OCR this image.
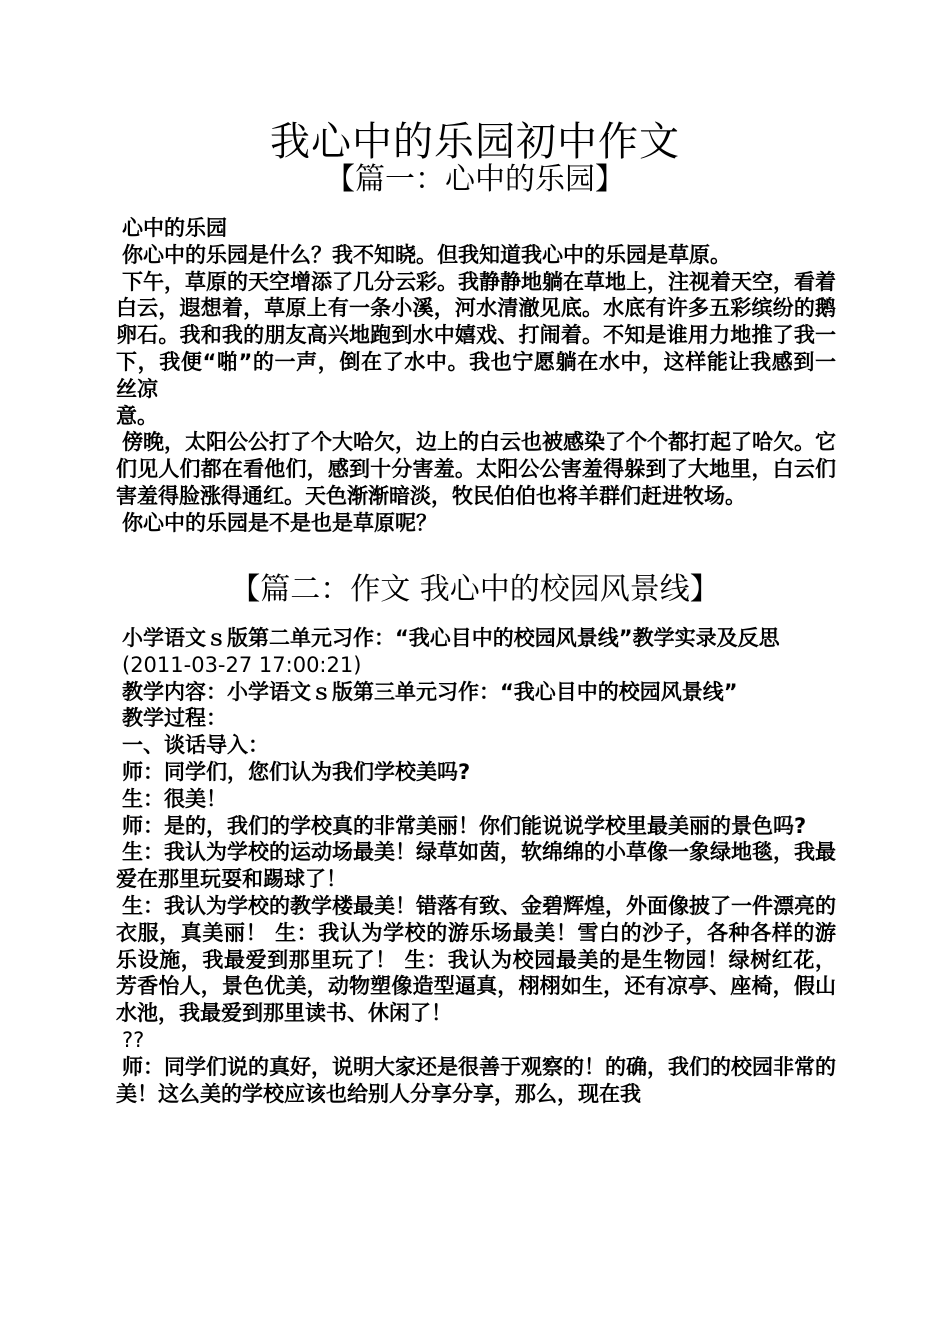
我心中的乐园初中作文
【篇一：心中的乐园】

心中的乐园

你心中的乐园是什么？我不知晓。但我知道我心中的乐园是草原。

下午，草原的天空增添了几分云彩。我静静地躺在草地上，注视着天空，看着白云，遐想着，草原上有一条小溪，河水清澈见底。水底有许多五彩缤纷的鹅卵石。我和我的朋友高兴地跑到水中嬉戏、打闹着。不知是谁用力地推了我一下，我便“啪”的一声，倒在了水中。我也宁愿躺在水中，这样能让我感到一丝凉

意。

傍晚，太阳公公打了个大哈欠，边上的白云也被感染了个个都打起了哈欠。它们见人们都在看他们，感到十分害羞。太阳公公害羞得躲到了大地里，白云们害羞得脸涨得通红。天色渐渐暗淡，牧民伯伯也将羊群们赶进牧场。

你心中的乐园是不是也是草原呢？

【篇二：作文 我心中的校园风景线】

小学语文ｓ版第二单元习作：“我心目中的校园风景线”教学实录及反思

(2011-03-27 17:00:21)

教学内容：小学语文ｓ版第三单元习作：“我心目中的校园风景线”

教学过程：

一、谈话导入：

师：同学们，您们认为我们学校美吗?

生：很美！

师：是的，我们的学校真的非常美丽！你们能说说学校里最美丽的景色吗?

生：我认为学校的运动场最美！绿草如茵，软绵绵的小草像一象绿地毯，我最爱在那里玩耍和踢球了！

生：我认为学校的教学楼最美！错落有致、金碧辉煌，外面像披了一件漂亮的衣服，真美丽！ 生：我认为学校的游乐场最美！雪白的沙子，各种各样的游乐设施，我最爱到那里玩了！ 生：我认为校园最美的是生物园！绿树红花，芳香怡人，景色优美，动物塑像造型逼真，栩栩如生，还有凉亭、座椅，假山水池，我最爱到那里读书、休闲了！

??

师：同学们说的真好，说明大家还是很善于观察的！的确，我们的校园非常的美！这么美的学校应该也给别人分享分享，那么，现在我
